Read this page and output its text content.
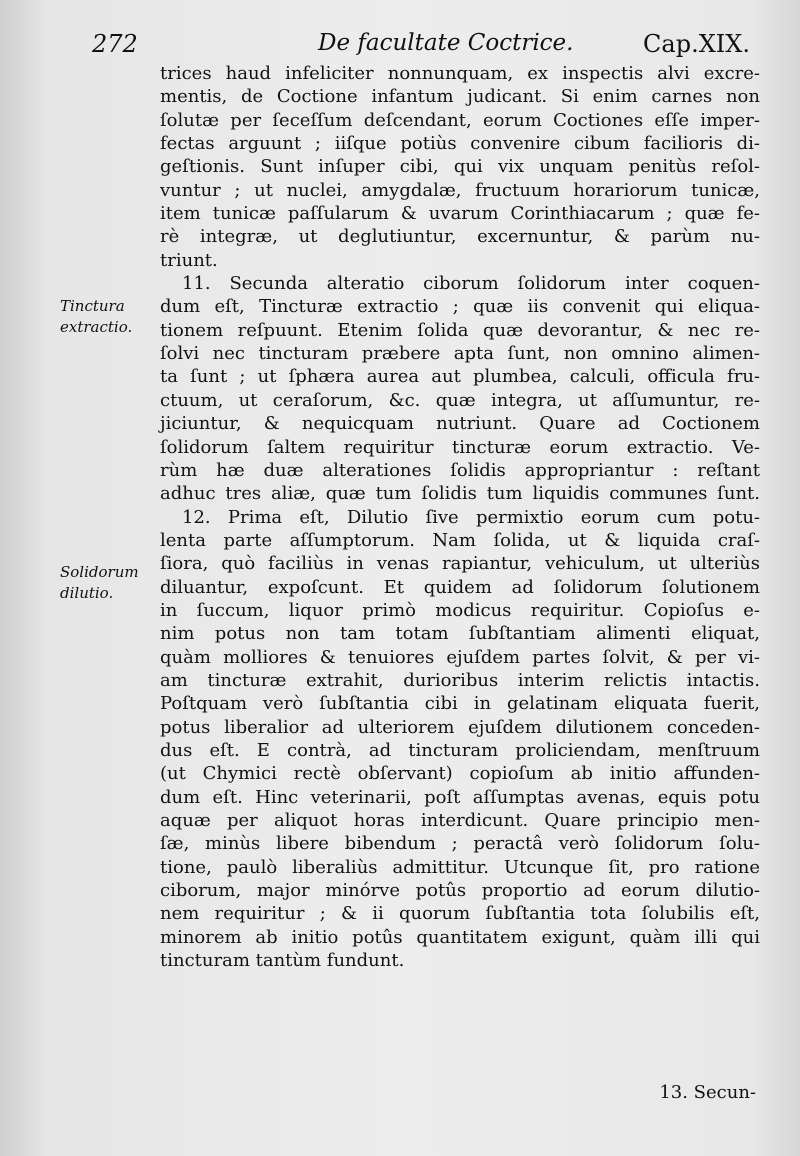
272	De facultate Coctrice.	Cap.XIX.
Tinctura
extractio.
Solidorum
dilutio.
trices haud infeliciter nonnunquam, ex inspectis alvi excre-
mentis, de Coctione infantum judicant. Si enim carnes non
ſolutæ per ſeceſſum deſcendant, eorum Coctiones eſſe imper-
fectas arguunt ; iiſque potiùs convenire cibum facilioris di-
geſtionis. Sunt inſuper cibi, qui vix unquam penitùs reſol-
vuntur ; ut nuclei, amygdalæ, fructuum horariorum tunicæ,
item tunicæ paſſularum & uvarum Corinthiacarum ; quæ fe-
rè integræ, ut deglutiuntur, excernuntur, & parùm nu-
triunt.
11. Secunda alteratio ciborum ſolidorum inter coquen-
dum eſt, Tincturæ extractio ; quæ iis convenit qui eliqua-
tionem reſpuunt. Etenim ſolida quæ devorantur, & nec re-
ſolvi nec tincturam præbere apta ſunt, non omnino alimen-
ta ſunt ; ut ſphæra aurea aut plumbea, calculi, officula fru-
ctuum, ut ceraſorum, &c. quæ integra, ut aſſumuntur, re-
jiciuntur, & nequicquam nutriunt. Quare ad Coctionem
ſolidorum ſaltem requiritur tincturæ eorum extractio. Ve-
rùm hæ duæ alterationes ſolidis appropriantur : reſtant
adhuc tres aliæ, quæ tum ſolidis tum liquidis communes ſunt.
12. Prima eſt, Dilutio ſive permixtio eorum cum potu-
lenta parte aſſumptorum. Nam ſolida, ut & liquida craſ-
ſiora, quò faciliùs in venas rapiantur, vehiculum, ut ulteriùs
diluantur, expoſcunt. Et quidem ad ſolidorum ſolutionem
in ſuccum, liquor primò modicus requiritur. Copioſus e-
nim potus non tam totam ſubſtantiam alimenti eliquat,
quàm molliores & tenuiores ejuſdem partes ſolvit, & per vi-
am tincturæ extrahit, durioribus interim relictis intactis.
Poſtquam verò ſubſtantia cibi in gelatinam eliquata fuerit,
potus liberalior ad ulteriorem ejuſdem dilutionem conceden-
dus eſt. E contrà, ad tincturam proliciendam, menſtruum
(ut Chymici rectè obſervant) copioſum ab initio affunden-
dum eſt. Hinc veterinarii, poſt aſſumptas avenas, equis potu
aquæ per aliquot horas interdicunt. Quare principio men-
ſæ, minùs libere bibendum ; peractâ verò ſolidorum ſolu-
tione, paulò liberaliùs admittitur. Utcunque ſit, pro ratione
ciborum, major minórve potûs proportio ad eorum dilutio-
nem requiritur ; & ii quorum ſubſtantia tota ſolubilis eſt,
minorem ab initio potûs quantitatem exigunt, quàm illi qui
tincturam tantùm fundunt.
13. Secun-
